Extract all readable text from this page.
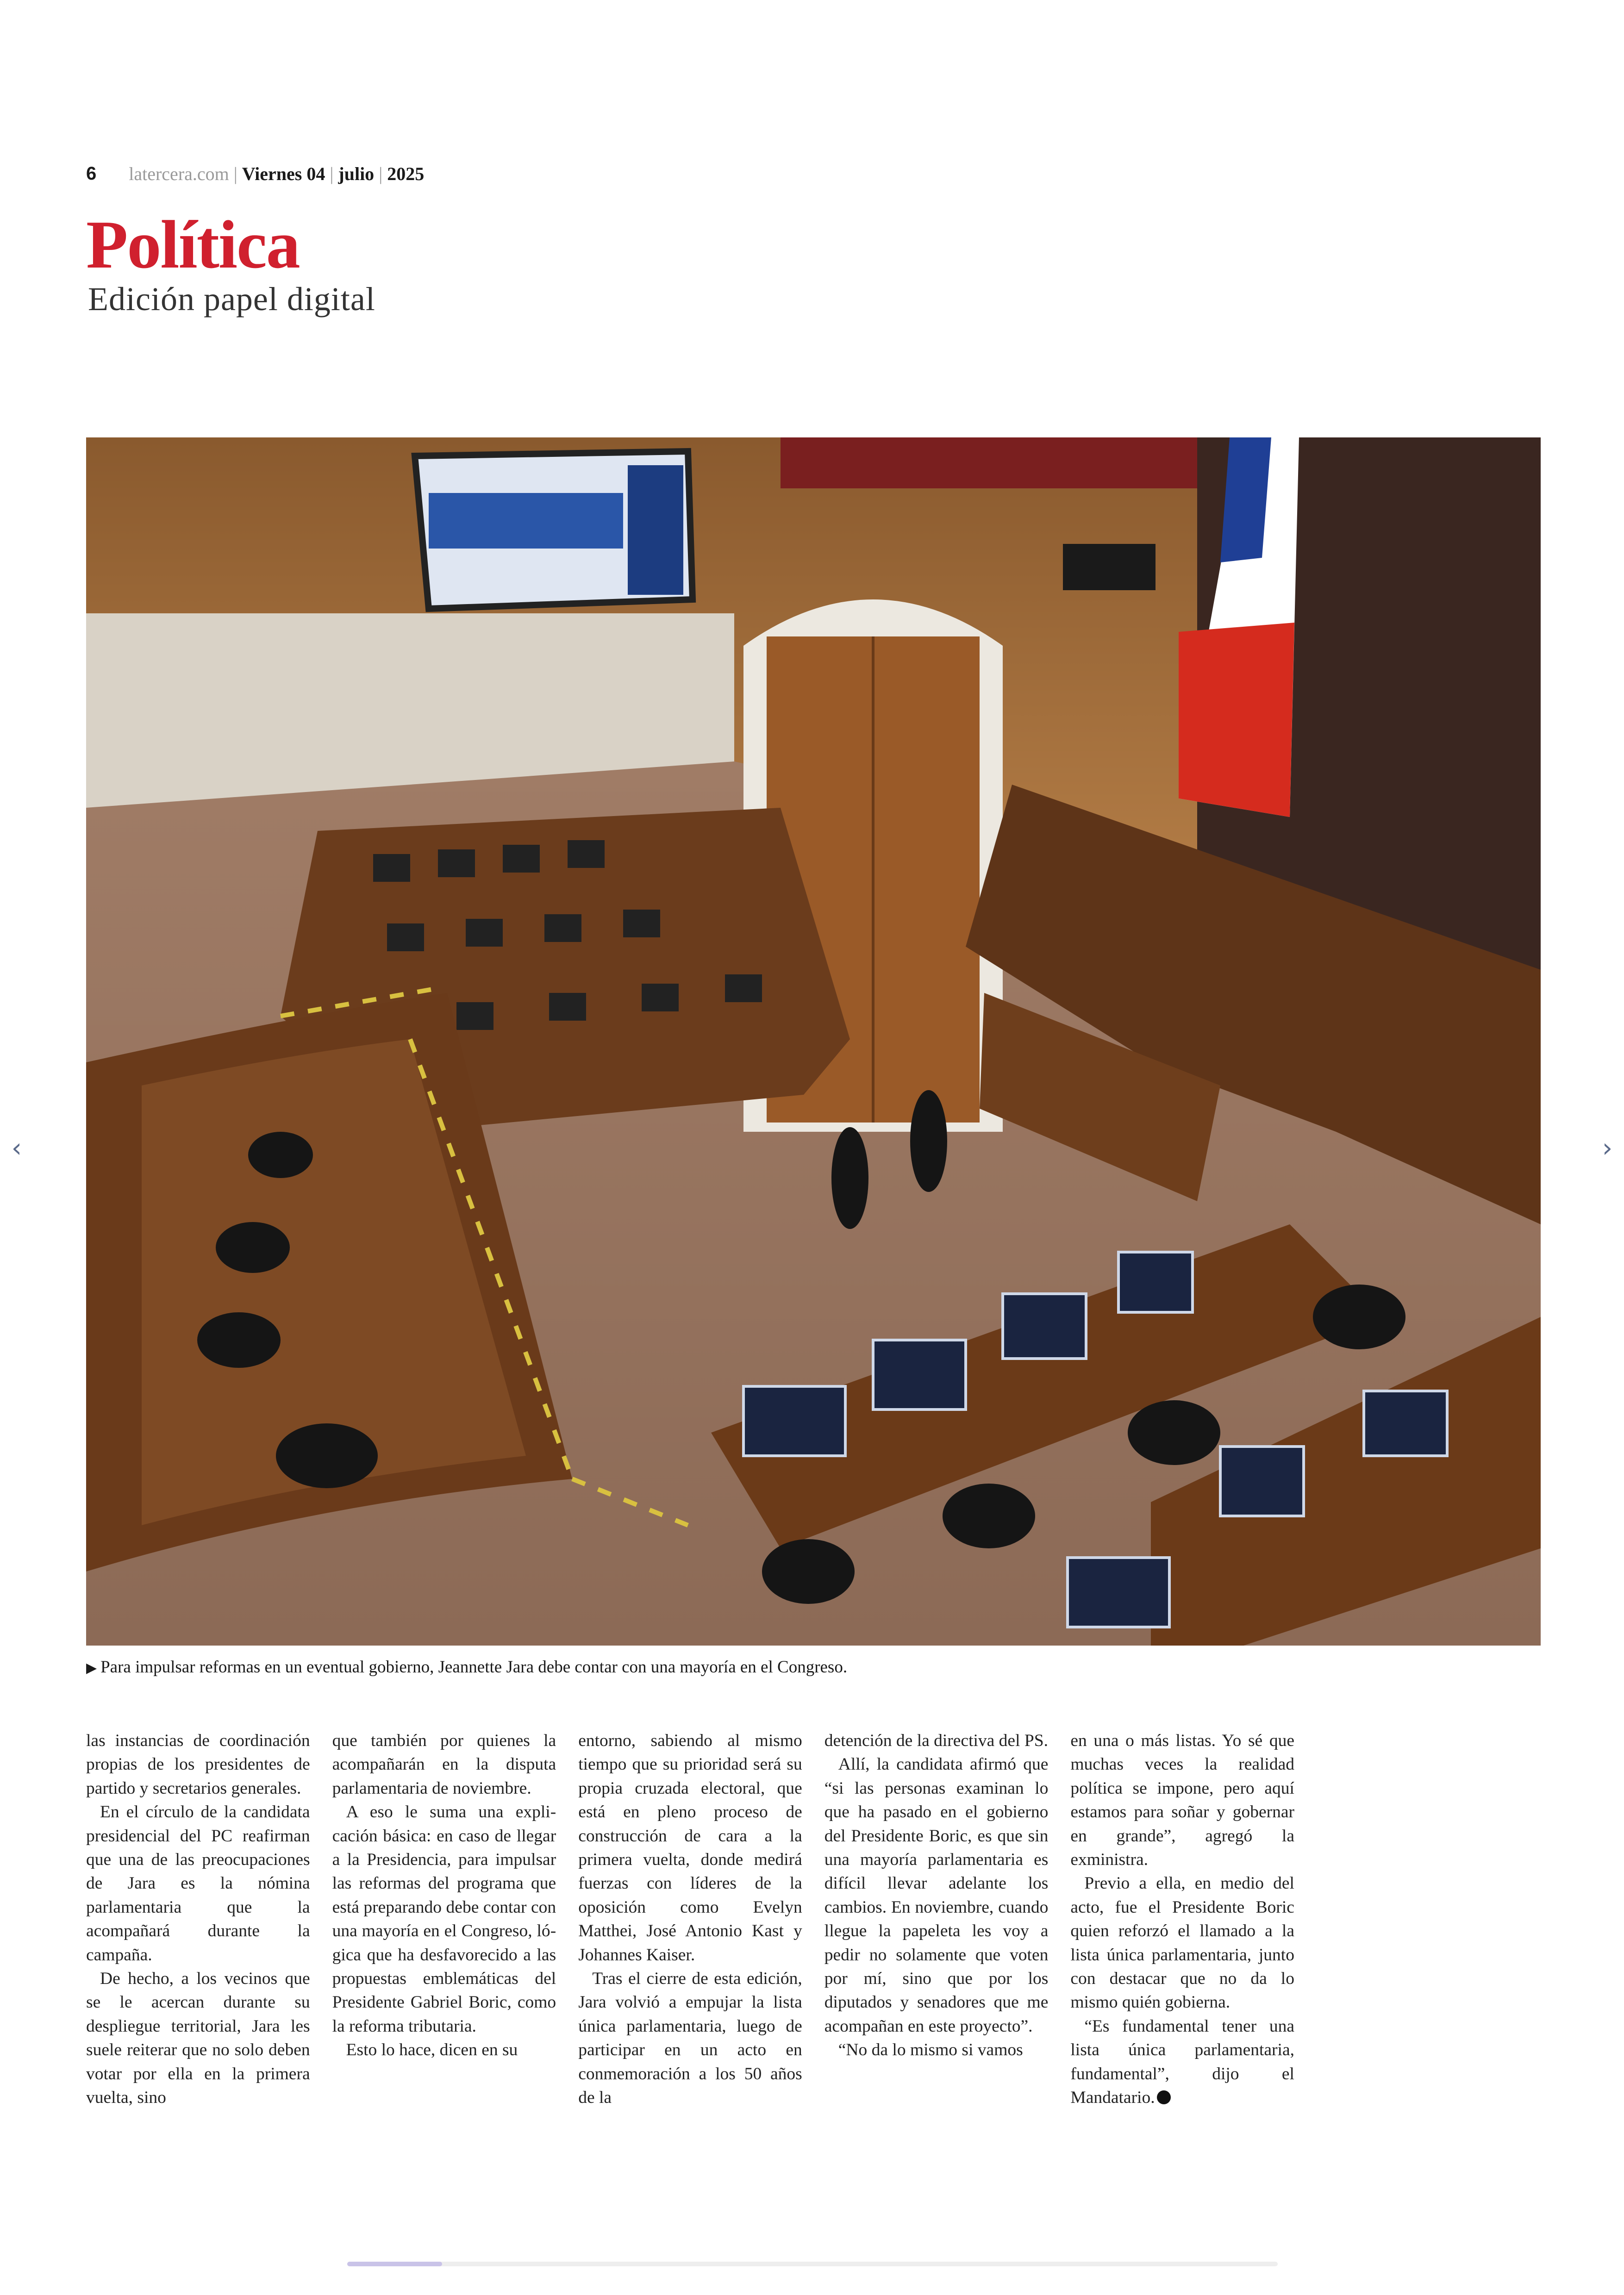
6 latercera.com | Viernes 04 | julio | 2025
Política
Edición papel digital
▶ Para impulsar reformas en un eventual gobierno, Jeannette Jara debe contar con una mayoría en el Congreso.

las instancias de coordinación propias de los presidentes de partido y secretarios generales.

En el círculo de la candidata presidencial del PC reafirman que una de las preocupaciones de Jara es la nómina parlamentaria que la acompañará durante la campaña.

De hecho, a los vecinos que se le acercan durante su despliegue territorial, Jara les suele reiterar que no solo deben votar por ella en la primera vuelta, sino

que también por quienes la acompañarán en la disputa parlamentaria de noviembre.

A eso le suma una explicación básica: en caso de llegar a la Presidencia, para impulsar las reformas del programa que está preparando debe contar con una mayoría en el Congreso, lógica que ha desfavorecido a las propuestas emblemáticas del Presidente Gabriel Boric, como la reforma tributaria.

Esto lo hace, dicen en su

entorno, sabiendo al mismo tiempo que su prioridad será su propia cruzada electoral, que está en pleno proceso de construcción de cara a la primera vuelta, donde medirá fuerzas con líderes de la oposición como Evelyn Matthei, José Antonio Kast y Johannes Kaiser.

Tras el cierre de esta edición, Jara volvió a empujar la lista única parlamentaria, luego de participar en un acto en conmemoración a los 50 años de la

detención de la directiva del PS.

Allí, la candidata afirmó que “si las personas examinan lo que ha pasado en el gobierno del Presidente Boric, es que sin una mayoría parlamentaria es difícil llevar adelante los cambios. En noviembre, cuando llegue la papeleta les voy a pedir no solamente que voten por mí, sino que por los diputados y senadores que me acompañan en este proyecto”.

“No da lo mismo si vamos

en una o más listas. Yo sé que muchas veces la realidad política se impone, pero aquí estamos para soñar y gobernar en grande”, agregó la exministra.

Previo a ella, en medio del acto, fue el Presidente Boric quien reforzó el llamado a la lista única parlamentaria, junto con destacar que no da lo mismo quién gobierna.

“Es fundamental tener una lista única parlamentaria, fundamental”, dijo el Mandatario.

‹	›
